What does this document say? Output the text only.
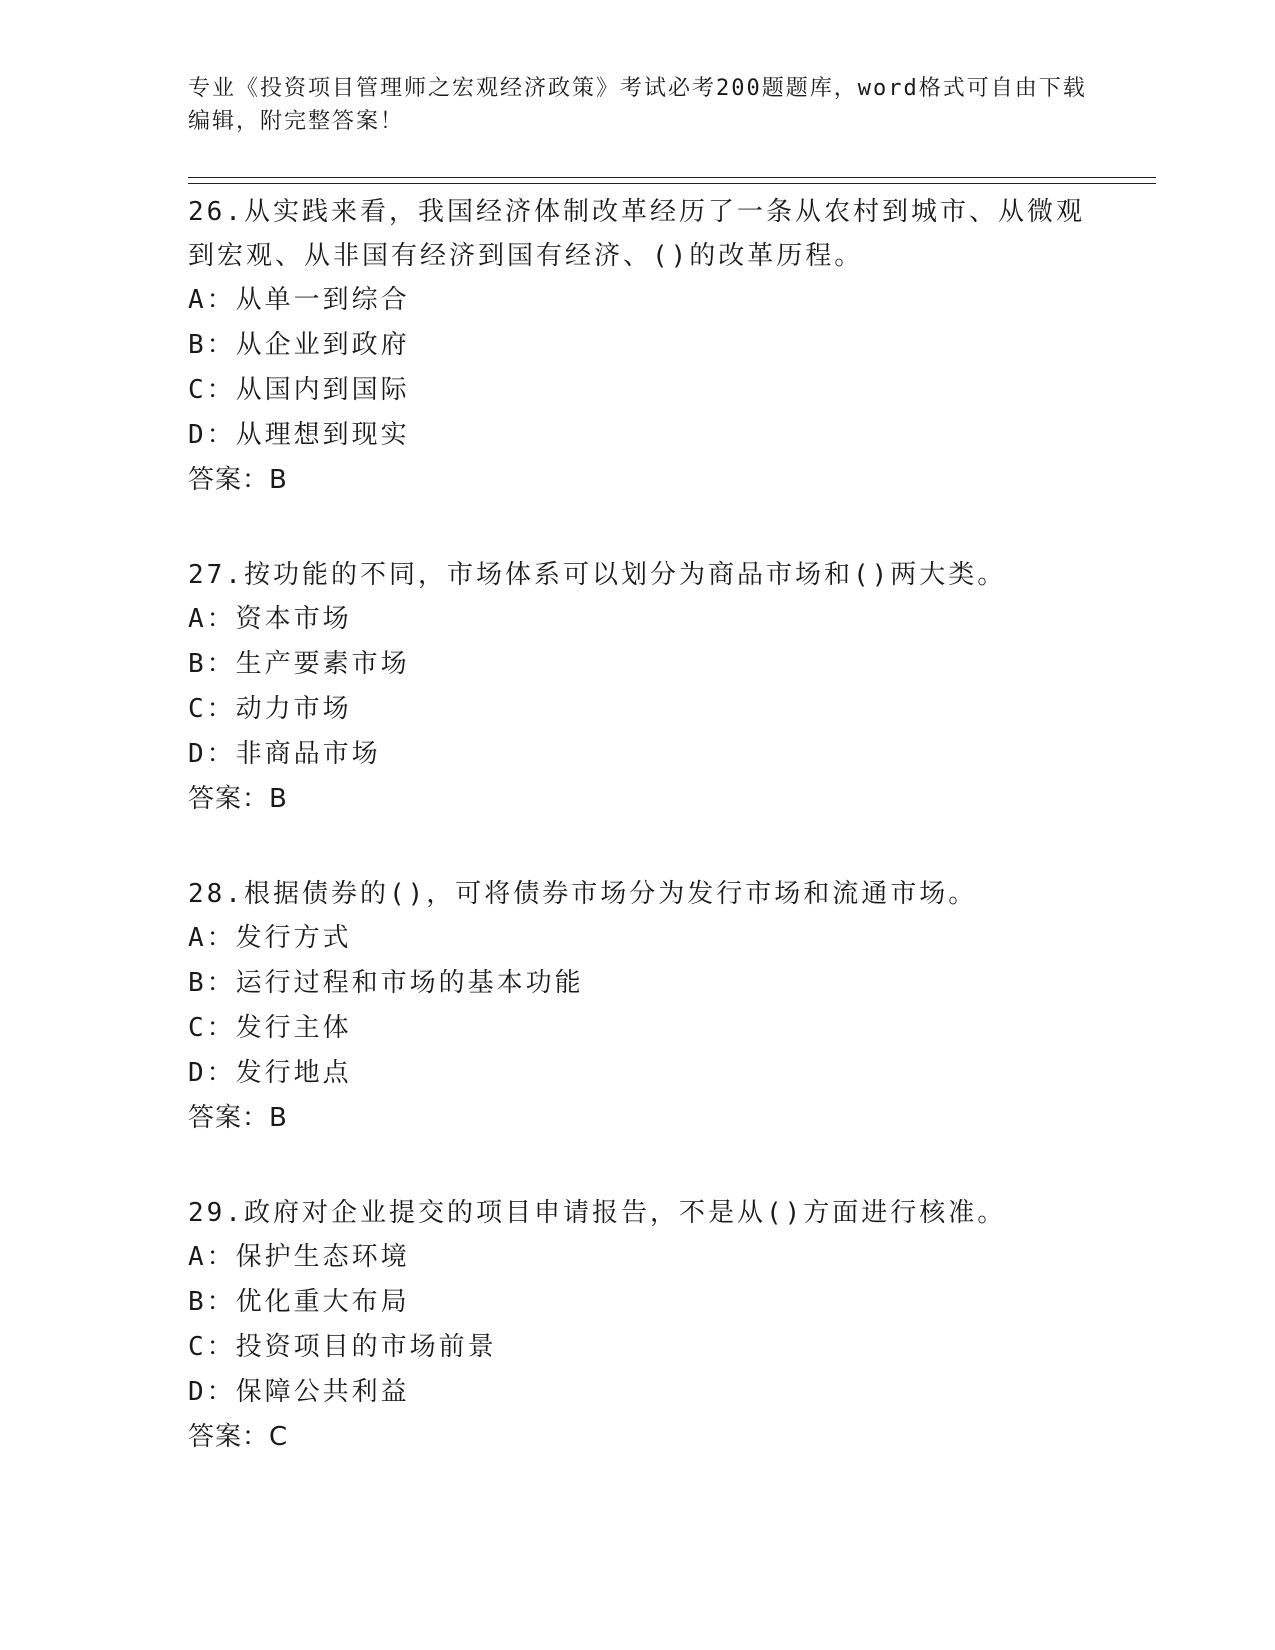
专业《投资项目管理师之宏观经济政策》考试必考200题题库，word格式可自由下载编辑，附完整答案！
26.从实践来看，我国经济体制改革经历了一条从农村到城市、从微观到宏观、从非国有经济到国有经济、()的改革历程。
A：从单一到综合
B：从企业到政府
C：从国内到国际
D：从理想到现实
答案：B
27.按功能的不同，市场体系可以划分为商品市场和()两大类。
A：资本市场
B：生产要素市场
C：动力市场
D：非商品市场
答案：B
28.根据债券的()，可将债券市场分为发行市场和流通市场。
A：发行方式
B：运行过程和市场的基本功能
C：发行主体
D：发行地点
答案：B
29.政府对企业提交的项目申请报告，不是从()方面进行核准。
A：保护生态环境
B：优化重大布局
C：投资项目的市场前景
D：保障公共利益
答案：C
